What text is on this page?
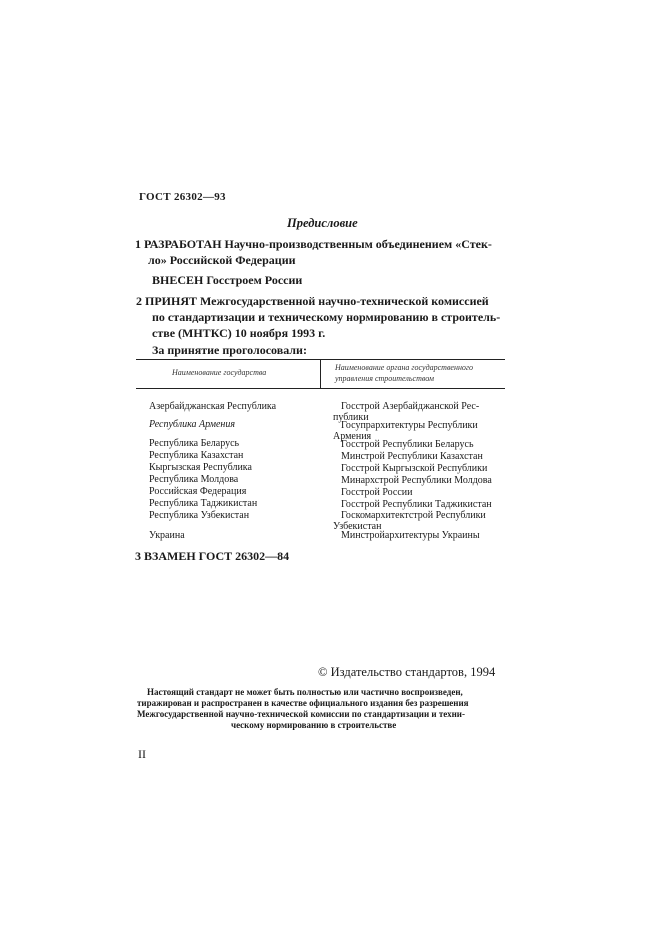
ГОСТ 26302—93
Предисловие
1 РАЗРАБОТАН Научно-производственным объединением «Стек-
ло» Российской Федерации
ВНЕСЕН Госстроем России
2 ПРИНЯТ Межгосударственной научно-технической комиссией
по стандартизации и техническому нормированию в строитель-
стве (МНТКС) 10 ноября 1993 г.
За принятие проголосовали:
Наименование государства
Наименование органа государственного
управления строительством
Азербайджанская Республика
Республика Армения
Республика Беларусь
Республика Казахстан
Кыргызская Республика
Республика Молдова
Российская Федерация
Республика Таджикистан
Республика Узбекистан
Украина
Госстрой Азербайджанской Рес-
публики
Госупрархитектуры Республики
Армения
Госстрой Республики Беларусь
Минстрой Республики Казахстан
Госстрой Кыргызской Республики
Минархстрой Республики Молдова
Госстрой России
Госстрой Республики Таджикистан
Госкомархитектстрой Республики
Узбекистан
Минстройархитектуры Украины
3 ВЗАМЕН ГОСТ 26302—84
© Издательство стандартов, 1994
Настоящий стандарт не может быть полностью или частично воспроизведен,
тиражирован и распространен в качестве официального издания без разрешения
Межгосударственной научно-технической комиссии по стандартизации и техни-
ческому нормированию в строительстве
II
